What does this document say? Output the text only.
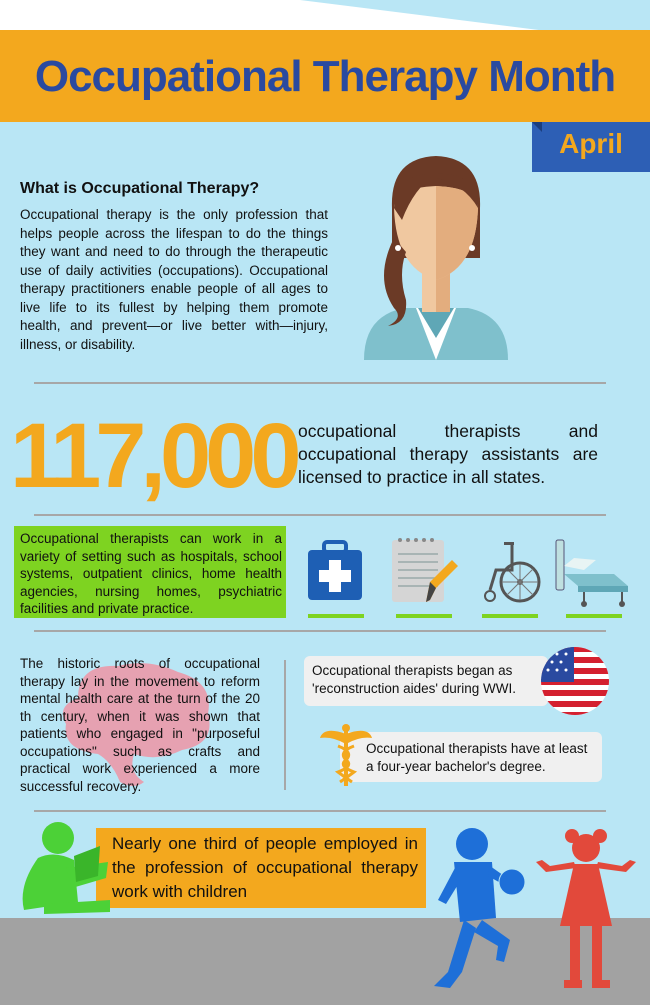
Occupational Therapy Month
April
What is Occupational Therapy?
Occupational therapy is the only profession that helps people across the lifespan to do the things they want and need to do through the therapeutic use of daily activities (occupations). Occupational therapy practitioners enable people of all ages to live life to its fullest by helping them promote health, and prevent—or live better with—injury, illness, or disability.
117,000 occupational therapists and occupational therapy assistants are licensed to practice in all states.
Occupational therapists can work in a variety of setting such as hospitals, school systems, outpatient clinics, home health agencies, nursing homes, psychiatric facilities and private practice.
The historic roots of occupational therapy lay in the movement to reform mental health care at the turn of the 20 th century, when it was shown that patients who engaged in "purposeful occupations" such as crafts and practical work experienced a more successful recovery.
Occupational therapists began as 'reconstruction aides' during WWI.
Occupational therapists have at least a four-year bachelor's degree.
Nearly one third of people employed in the profession of occupational therapy work with children
